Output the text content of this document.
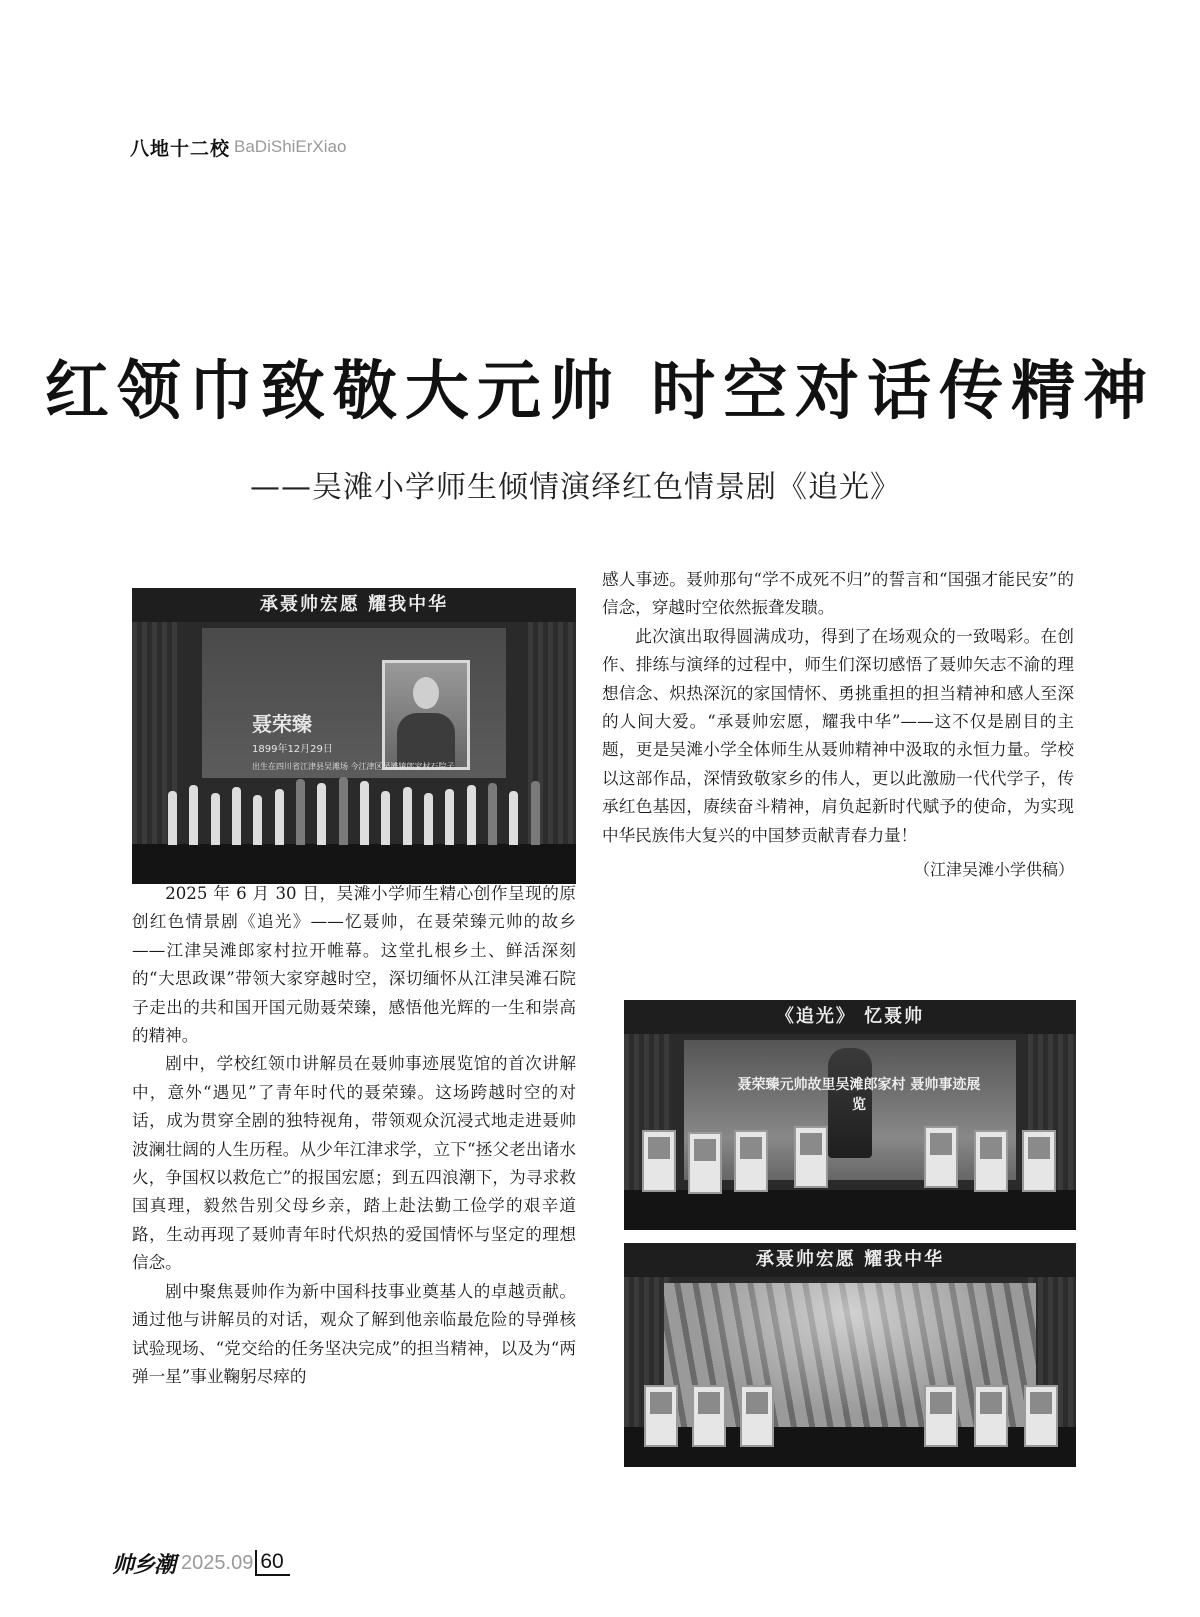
八地十二校 BaDiShiErXiao
红领巾致敬大元帅 时空对话传精神
——吴滩小学师生倾情演绎红色情景剧《追光》
承聂帅宏愿 耀我中华
聂荣臻
1899年12月29日
出生在四川省江津县吴滩场 今江津区吴滩镇郎家村石院子
《追光》 忆聂帅
聂荣臻元帅故里吴滩郎家村 聂帅事迹展览
承聂帅宏愿 耀我中华

2025 年 6 月 30 日，吴滩小学师生精心创作呈现的原创红色情景剧《追光》——忆聂帅，在聂荣臻元帅的故乡——江津吴滩郎家村拉开帷幕。这堂扎根乡土、鲜活深刻的“大思政课”带领大家穿越时空，深切缅怀从江津吴滩石院子走出的共和国开国元勋聂荣臻，感悟他光辉的一生和崇高的精神。

剧中，学校红领巾讲解员在聂帅事迹展览馆的首次讲解中，意外“遇见”了青年时代的聂荣臻。这场跨越时空的对话，成为贯穿全剧的独特视角，带领观众沉浸式地走进聂帅波澜壮阔的人生历程。从少年江津求学，立下“拯父老出诸水火，争国权以救危亡”的报国宏愿；到五四浪潮下，为寻求救国真理，毅然告别父母乡亲，踏上赴法勤工俭学的艰辛道路，生动再现了聂帅青年时代炽热的爱国情怀与坚定的理想信念。

剧中聚焦聂帅作为新中国科技事业奠基人的卓越贡献。通过他与讲解员的对话，观众了解到他亲临最危险的导弹核试验现场、“党交给的任务坚决完成”的担当精神，以及为“两弹一星”事业鞠躬尽瘁的

感人事迹。聂帅那句“学不成死不归”的誓言和“国强才能民安”的信念，穿越时空依然振聋发聩。

此次演出取得圆满成功，得到了在场观众的一致喝彩。在创作、排练与演绎的过程中，师生们深切感悟了聂帅矢志不渝的理想信念、炽热深沉的家国情怀、勇挑重担的担当精神和感人至深的人间大爱。“承聂帅宏愿，耀我中华”——这不仅是剧目的主题，更是吴滩小学全体师生从聂帅精神中汲取的永恒力量。学校以这部作品，深情致敬家乡的伟人，更以此激励一代代学子，传承红色基因，赓续奋斗精神，肩负起新时代赋予的使命，为实现中华民族伟大复兴的中国梦贡献青春力量！

（江津吴滩小学供稿）
帅乡潮 2025.09 60
